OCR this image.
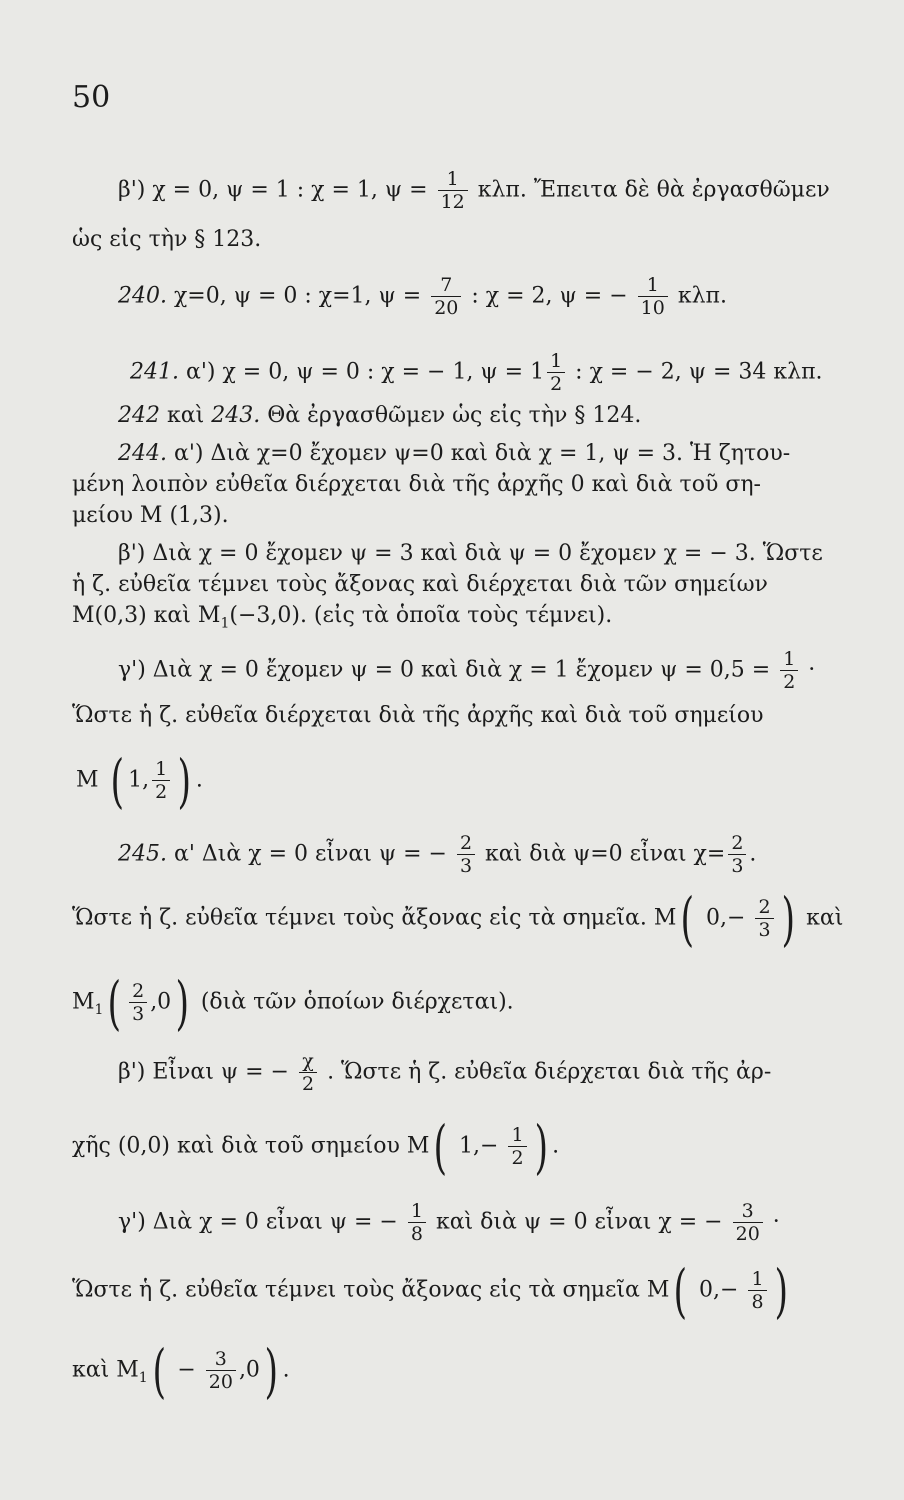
50
β') χ = 0, ψ = 1 : χ = 1, $\psi = \frac{1}{12} \kappa\lambda\pi$. Ἔπειτα δὲ θὰ ἐργασθῶμεν
ὡς εἰς τὴν § 123.
240. χ=0, ψ = 0 : χ=1, $\psi = \frac{7}{20}$ : χ = 2, ψ = − $\frac{1}{10} \kappa\lambda\pi$.
241. α') χ = 0, ψ = 0 : χ = − 1, $\psi = 1 \frac{1}{2}$ : χ = − 2, ψ = 34 κλπ.
242 καὶ 243. Θὰ ἐργασθῶμεν ὡς εἰς τὴν § 124.
244. α') Διὰ χ=0 ἔχομεν ψ=0 καὶ διὰ χ = 1, ψ = 3. Ἡ ζητου-
μένη λοιπὸν εὐθεῖα διέρχεται διὰ τῆς ἀρχῆς 0 καὶ διὰ τοῦ ση-
μείου Μ (1,3).
β') Διὰ χ = 0 ἔχομεν ψ = 3 καὶ διὰ ψ = 0 ἔχομεν χ = − 3. Ὥστε
ἡ ζ. εὐθεῖα τέμνει τοὺς ἄξονας καὶ διέρχεται διὰ τῶν σημείων
Μ(0,3) καὶ $M_1(-3,0)$. (εἰς τὰ ὁποῖα τοὺς τέμνει).
γ') Διὰ χ = 0 ἔχομεν ψ = 0 καὶ διὰ χ = 1 ἔχομεν $\psi = 0,5 = \frac{1}{2}$ ·
Ὥστε ἡ ζ. εὐθεῖα διέρχεται διὰ τῆς ἀρχῆς καὶ διὰ τοῦ σημείου
Μ ( 1, $\frac{1}{2}$ ) .
245. α' Διὰ χ = 0 εἶναι ψ = − $\frac{2}{3}$ καὶ διὰ ψ=0 εἶναι $\chi= \frac{2}{3}$ .
Ὥστε ἡ ζ. εὐθεῖα τέμνει τοὺς ἄξονας εἰς τὰ σημεῖα. Μ( $0,- \frac{2}{3}$ ) καὶ
$M_1( \frac{2}{3} ,0)$ (διὰ τῶν ὁποίων διέρχεται).
β') Εἶναι ψ = − $\frac{\chi}{2}$ . Ὥστε ἡ ζ. εὐθεῖα διέρχεται διὰ τῆς ἀρ-
χῆς (0,0) καὶ διὰ τοῦ σημείου Μ( $1,- \frac{1}{2}$ ) .
γ') Διὰ χ = 0 εἶναι ψ = − $\frac{1}{8}$ καὶ διὰ ψ = 0 εἶναι χ = − $\frac{3}{20}$ ·
Ὥστε ἡ ζ. εὐθεῖα τέμνει τοὺς ἄξονας εἰς τὰ σημεῖα Μ( $0,- \frac{1}{8}$ )
καὶ $M_1( - \frac{3}{20} ,0)$ .
